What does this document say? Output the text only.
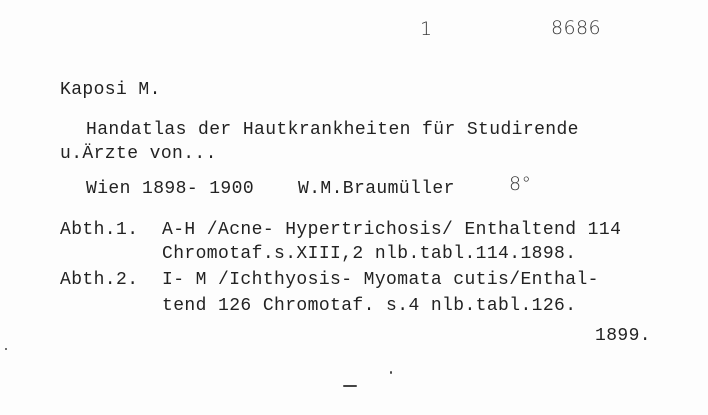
1	8686
Kaposi M.
Handatlas der Hautkrankheiten für Studirende
u.Ärzte von...
Wien 1898- 1900 W.M.Braumüller	8°
Abth.1. A-H /Acne- Hypertrichosis/ Enthaltend 114
Chromotaf.s.XIII,2 nlb.tabl.114.1898.
Abth.2. I- M /Ichthyosis- Myomata cutis/Enthal-
tend 126 Chromotaf. s.4 nlb.tabl.126.
1899.
